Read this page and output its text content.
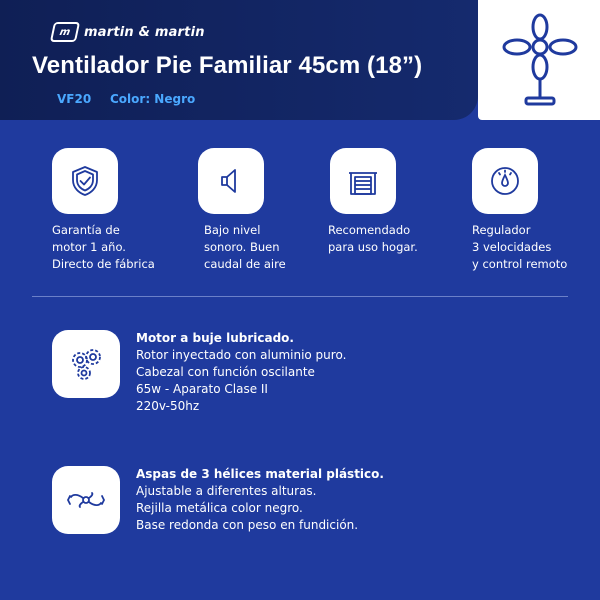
m martin & martin
Ventilador Pie Familiar 45cm (18”)
VF20 Color: Negro
Garantía de
motor 1 año.
Directo de fábrica
Bajo nivel
sonoro. Buen
caudal de aire
Recomendado
para uso hogar.
Regulador
3 velocidades
y control remoto
Motor a buje lubricado.
Rotor inyectado con aluminio puro.
Cabezal con función oscilante
65w - Aparato Clase II
220v-50hz
Aspas de 3 hélices material plástico.
Ajustable a diferentes alturas.
Rejilla metálica color negro.
Base redonda con peso en fundición.
